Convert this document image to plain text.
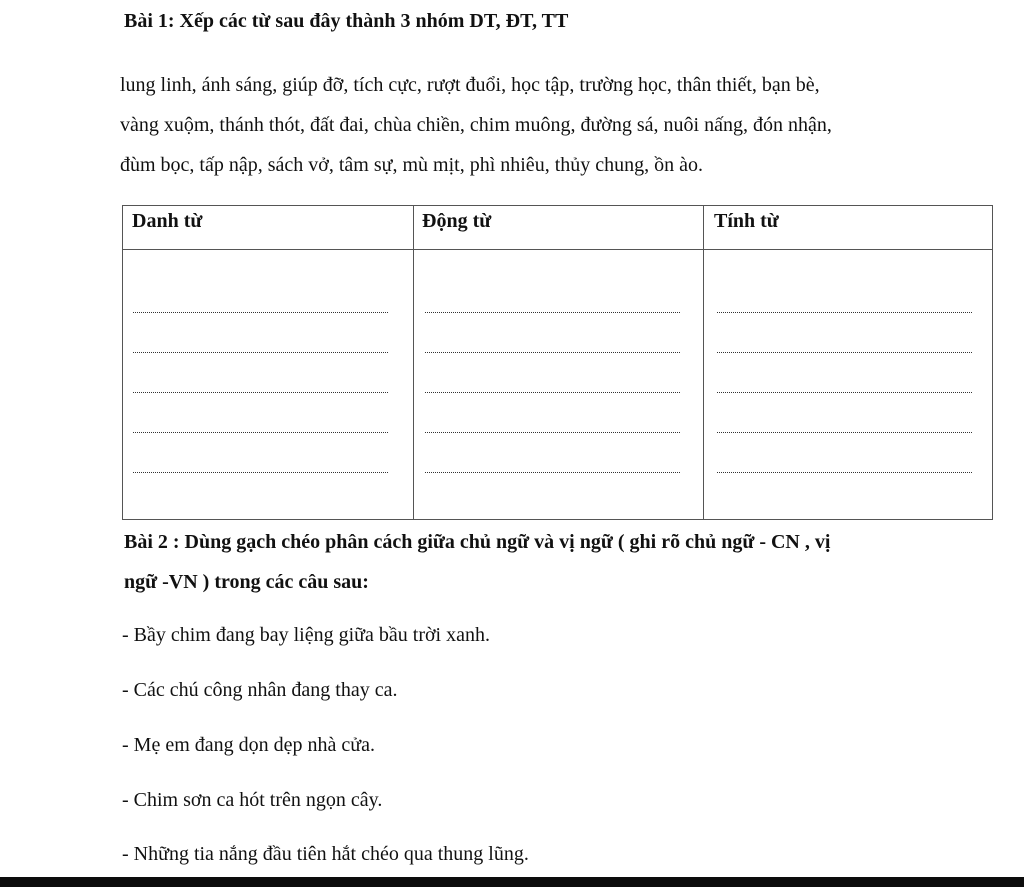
Bài 1: Xếp các từ sau đây thành 3 nhóm DT, ĐT, TT
lung linh, ánh sáng, giúp đỡ, tích cực, rượt đuổi, học tập, trường học, thân thiết, bạn bè,
vàng xuộm, thánh thót, đất đai, chùa chiền, chim muông, đường sá, nuôi nấng, đón nhận,
đùm bọc, tấp nập, sách vở, tâm sự, mù mịt, phì nhiêu, thủy chung, ồn ào.
Danh từ	Động từ	Tính từ
Bài 2 : Dùng gạch chéo phân cách giữa chủ ngữ và vị ngữ ( ghi rõ chủ ngữ - CN , vị
ngữ -VN ) trong các câu sau:
- Bầy chim đang bay liệng giữa bầu trời xanh.
- Các chú công nhân đang thay ca.
- Mẹ em đang dọn dẹp nhà cửa.
- Chim sơn ca hót trên ngọn cây.
- Những tia nắng đầu tiên hắt chéo qua thung lũng.
